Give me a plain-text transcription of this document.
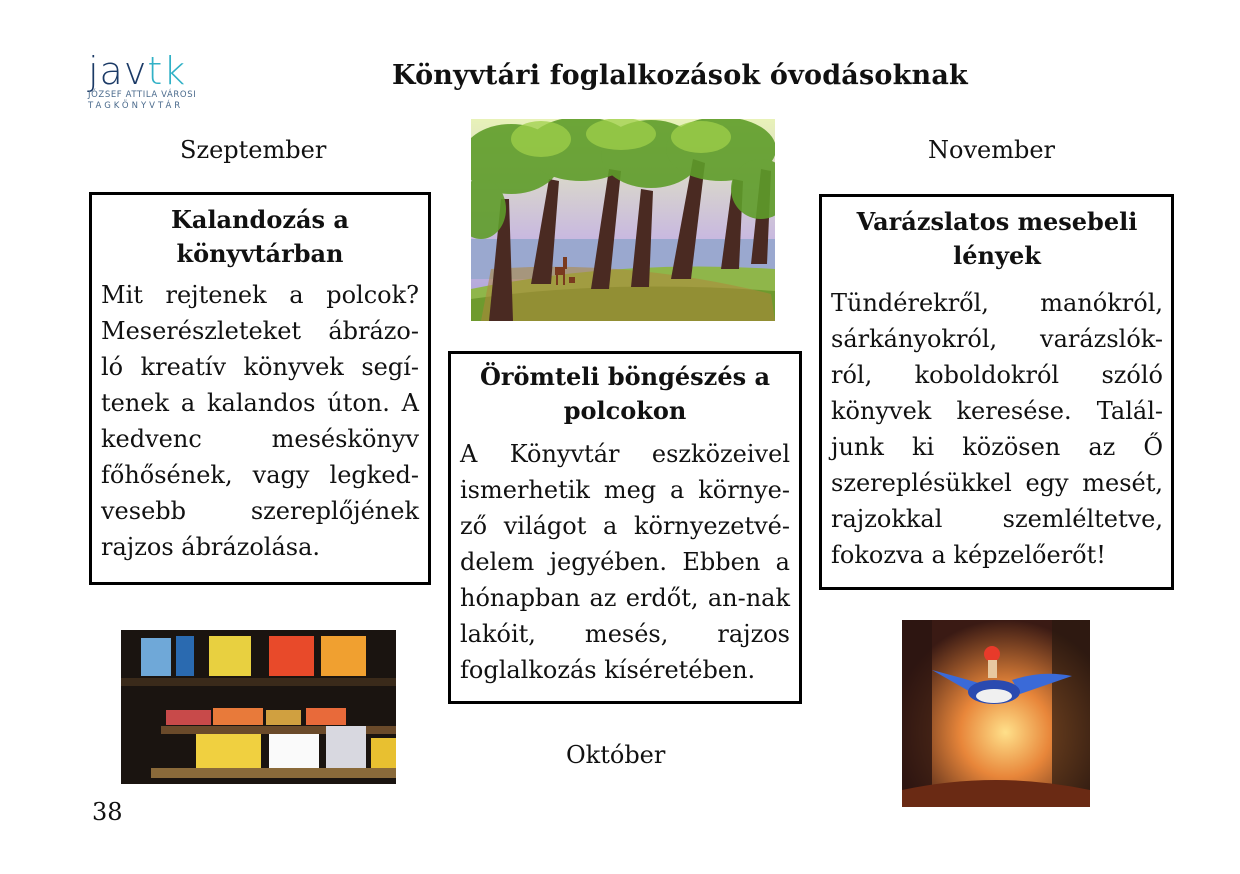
javtk
JÓZSEF ATTILA VÁROSI
TAGKÖNYVTÁR
Könyvtári foglalkozások óvodásoknak
Szeptember	November
Október
Kalandozás a könyvtárban

Mit rejtenek a polcok? Meserészleteket ábrázo-ló kreatív könyvek segí-tenek a kalandos úton. A kedvenc meséskönyv főhősének, vagy legked-vesebb szereplőjének rajzos ábrázolása.

Örömteli böngészés a polcokon

A Könyvtár eszközeivel ismerhetik meg a környe-ző világot a környezetvé-delem jegyében. Ebben a hónapban az erdőt, an-nak lakóit, mesés, rajzos foglalkozás kíséretében.

Varázslatos mesebeli lények

Tündérekről, manókról, sárkányokról, varázslók-ról, koboldokról szóló könyvek keresése. Talál-junk ki közösen az Ő szereplésükkel egy mesét, rajzokkal szemléltetve, fokozva a képzelőerőt!

38
